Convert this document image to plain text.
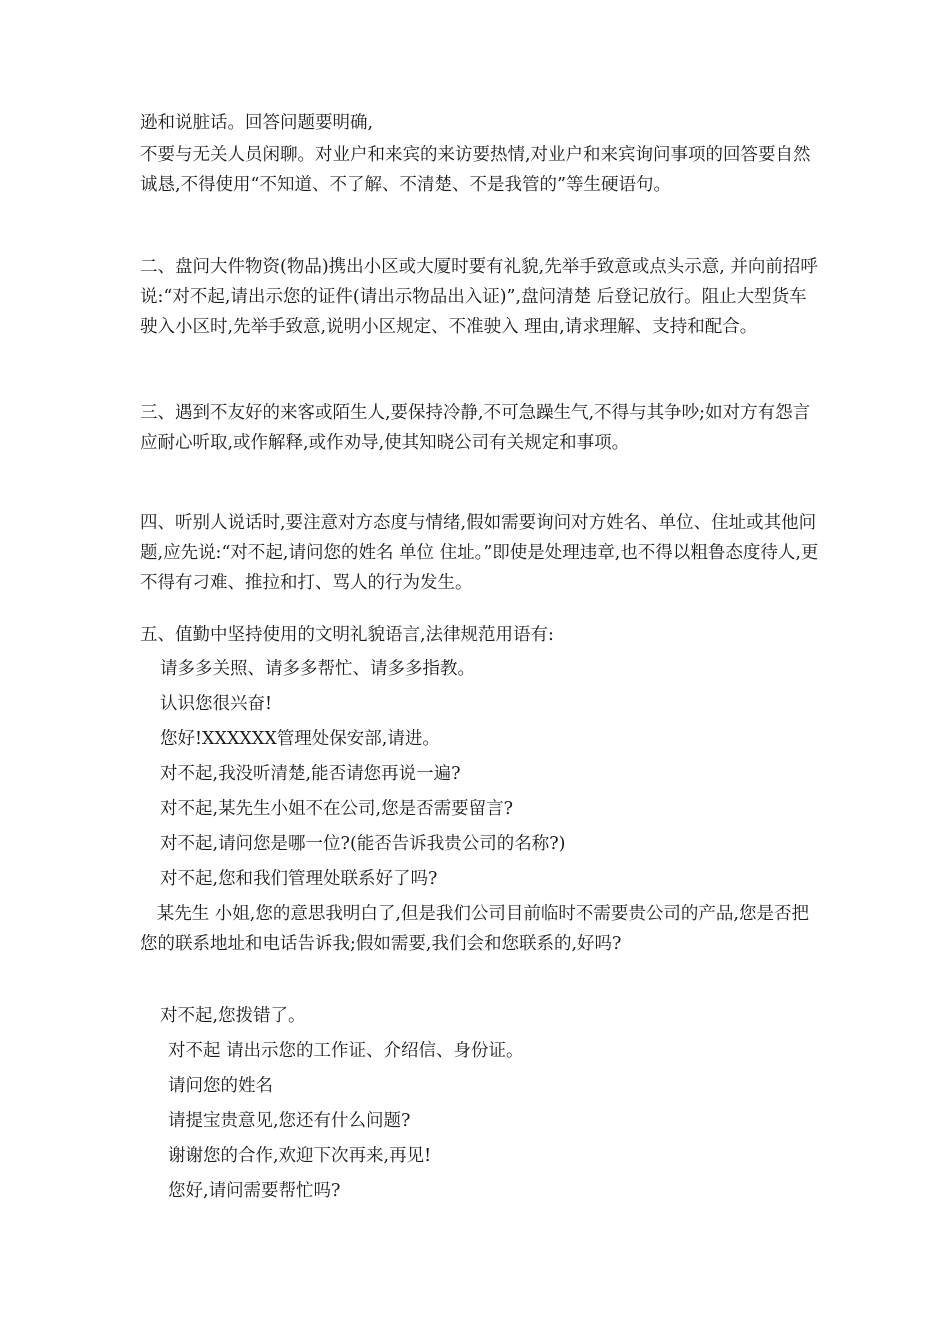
逊和说脏话。回答问题要明确,

不要与无关人员闲聊。对业户和来宾的来访要热情,对业户和来宾询问事项的回答要自然诚恳,不得使用“不知道、不了解、不清楚、不是我管的”等生硬语句。

二、盘问大件物资(物品)携出小区或大厦时要有礼貌,先举手致意或点头示意, 并向前招呼说:“对不起,请出示您的证件(请出示物品出入证)”,盘问清楚 后登记放行。阻止大型货车驶入小区时,先举手致意,说明小区规定、不准驶入 理由,请求理解、支持和配合。

三、遇到不友好的来客或陌生人,要保持冷静,不可急躁生气,不得与其争吵;如对方有怨言应耐心听取,或作解释,或作劝导,使其知晓公司有关规定和事项。

四、听别人说话时,要注意对方态度与情绪,假如需要询问对方姓名、单位、住址或其他问题,应先说:“对不起,请问您的姓名 单位 住址。”即使是处理违章,也不得以粗鲁态度待人,更不得有刁难、推拉和打、骂人的行为发生。

五、值勤中坚持使用的文明礼貌语言,法律规范用语有:

请多多关照、请多多帮忙、请多多指教。

认识您很兴奋!

您好!XXXXXX管理处保安部,请进。

对不起,我没听清楚,能否请您再说一遍?

对不起,某先生小姐不在公司,您是否需要留言?

对不起,请问您是哪一位?(能否告诉我贵公司的名称?)

对不起,您和我们管理处联系好了吗?

某先生 小姐,您的意思我明白了,但是我们公司目前临时不需要贵公司的产品,您是否把您的联系地址和电话告诉我;假如需要,我们会和您联系的,好吗?

对不起,您拨错了。

对不起 请出示您的工作证、介绍信、身份证。

请问您的姓名

请提宝贵意见,您还有什么问题?

谢谢您的合作,欢迎下次再来,再见!

您好,请问需要帮忙吗?
